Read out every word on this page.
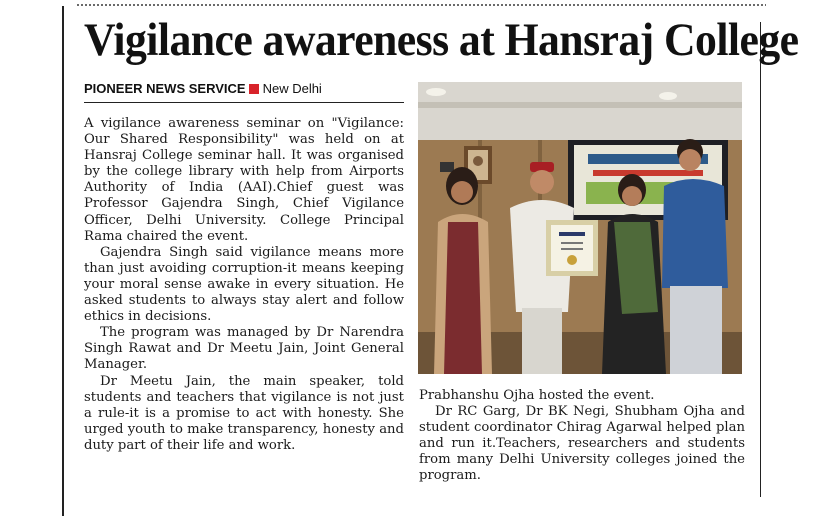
Vigilance awareness at Hansraj College
PIONEER NEWS SERVICE New Delhi

A vigilance awareness seminar on "Vigilance: Our Shared Responsibility" was held on at Hansraj College seminar hall. It was organised by the college library with help from Airports Authority of India (AAI).Chief guest was Professor Gajendra Singh, Chief Vigilance Officer, Delhi University. College Principal Rama chaired the event.

Gajendra Singh said vigilance means more than just avoiding corruption-it means keeping your moral sense awake in every situation. He asked students to always stay alert and follow ethics in decisions.

The program was managed by Dr Narendra Singh Rawat and Dr Meetu Jain, Joint General Manager.

Dr Meetu Jain, the main speaker, told students and teachers that vigilance is not just a rule-it is a promise to act with honesty. She urged youth to make transparency, honesty and duty part of their life and work.

Prabhanshu Ojha hosted the event.

Dr RC Garg, Dr BK Negi, Shubham Ojha and student coordinator Chirag Agarwal helped plan and run it.Teachers, researchers and students from many Delhi University colleges joined the program.
